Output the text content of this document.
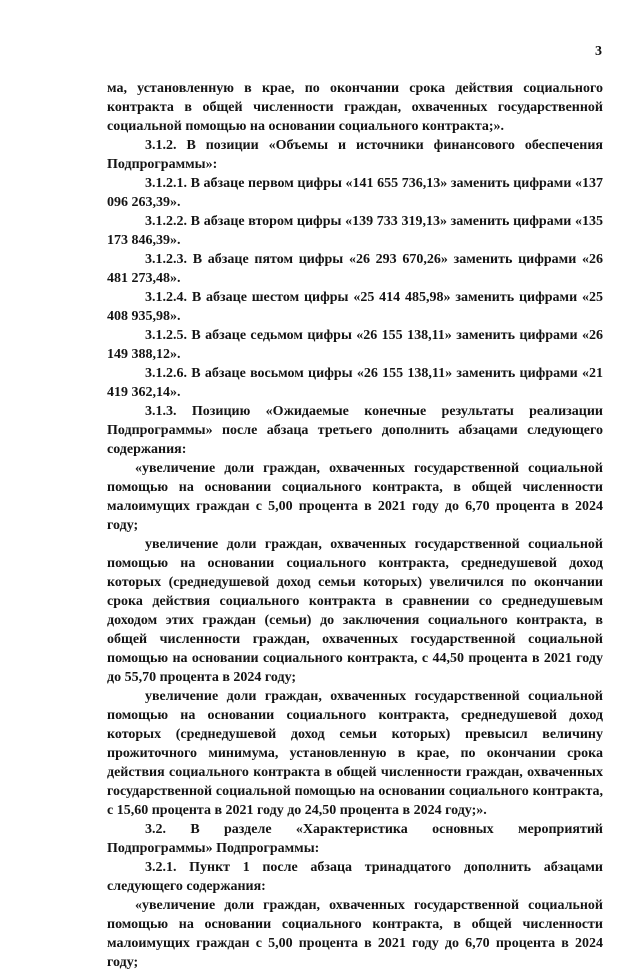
3

ма, установленную в крае, по окончании срока действия социального контракта в общей численности граждан, охваченных государственной социальной помощью на основании социального контракта;».

3.1.2. В позиции «Объемы и источники финансового обеспечения Подпрограммы»:

3.1.2.1. В абзаце первом цифры «141 655 736,13» заменить цифрами «137 096 263,39».

3.1.2.2. В абзаце втором цифры «139 733 319,13» заменить цифрами «135 173 846,39».

3.1.2.3. В абзаце пятом цифры «26 293 670,26» заменить цифрами «26 481 273,48».

3.1.2.4. В абзаце шестом цифры «25 414 485,98» заменить цифрами «25 408 935,98».

3.1.2.5. В абзаце седьмом цифры «26 155 138,11» заменить цифрами «26 149 388,12».

3.1.2.6. В абзаце восьмом цифры «26 155 138,11» заменить цифрами «21 419 362,14».

3.1.3. Позицию «Ожидаемые конечные результаты реализации Подпрограммы» после абзаца третьего дополнить абзацами следующего содержания:

«увеличение доли граждан, охваченных государственной социальной помощью на основании социального контракта, в общей численности малоимущих граждан с 5,00 процента в 2021 году до 6,70 процента в 2024 году;

увеличение доли граждан, охваченных государственной социальной помощью на основании социального контракта, среднедушевой доход которых (среднедушевой доход семьи которых) увеличился по окончании срока действия социального контракта в сравнении со среднедушевым доходом этих граждан (семьи) до заключения социального контракта, в общей численности граждан, охваченных государственной социальной помощью на основании социального контракта, с 44,50 процента в 2021 году до 55,70 процента в 2024 году;

увеличение доли граждан, охваченных государственной социальной помощью на основании социального контракта, среднедушевой доход которых (среднедушевой доход семьи которых) превысил величину прожиточного минимума, установленную в крае, по окончании срока действия социального контракта в общей численности граждан, охваченных государственной социальной помощью на основании социального контракта, с 15,60 процента в 2021 году до 24,50 процента в 2024 году;».

3.2. В разделе «Характеристика основных мероприятий Подпрограммы» Подпрограммы:

3.2.1. Пункт 1 после абзаца тринадцатого дополнить абзацами следующего содержания:

«увеличение доли граждан, охваченных государственной социальной помощью на основании социального контракта, в общей численности малоимущих граждан с 5,00 процента в 2021 году до 6,70 процента в 2024 году;
